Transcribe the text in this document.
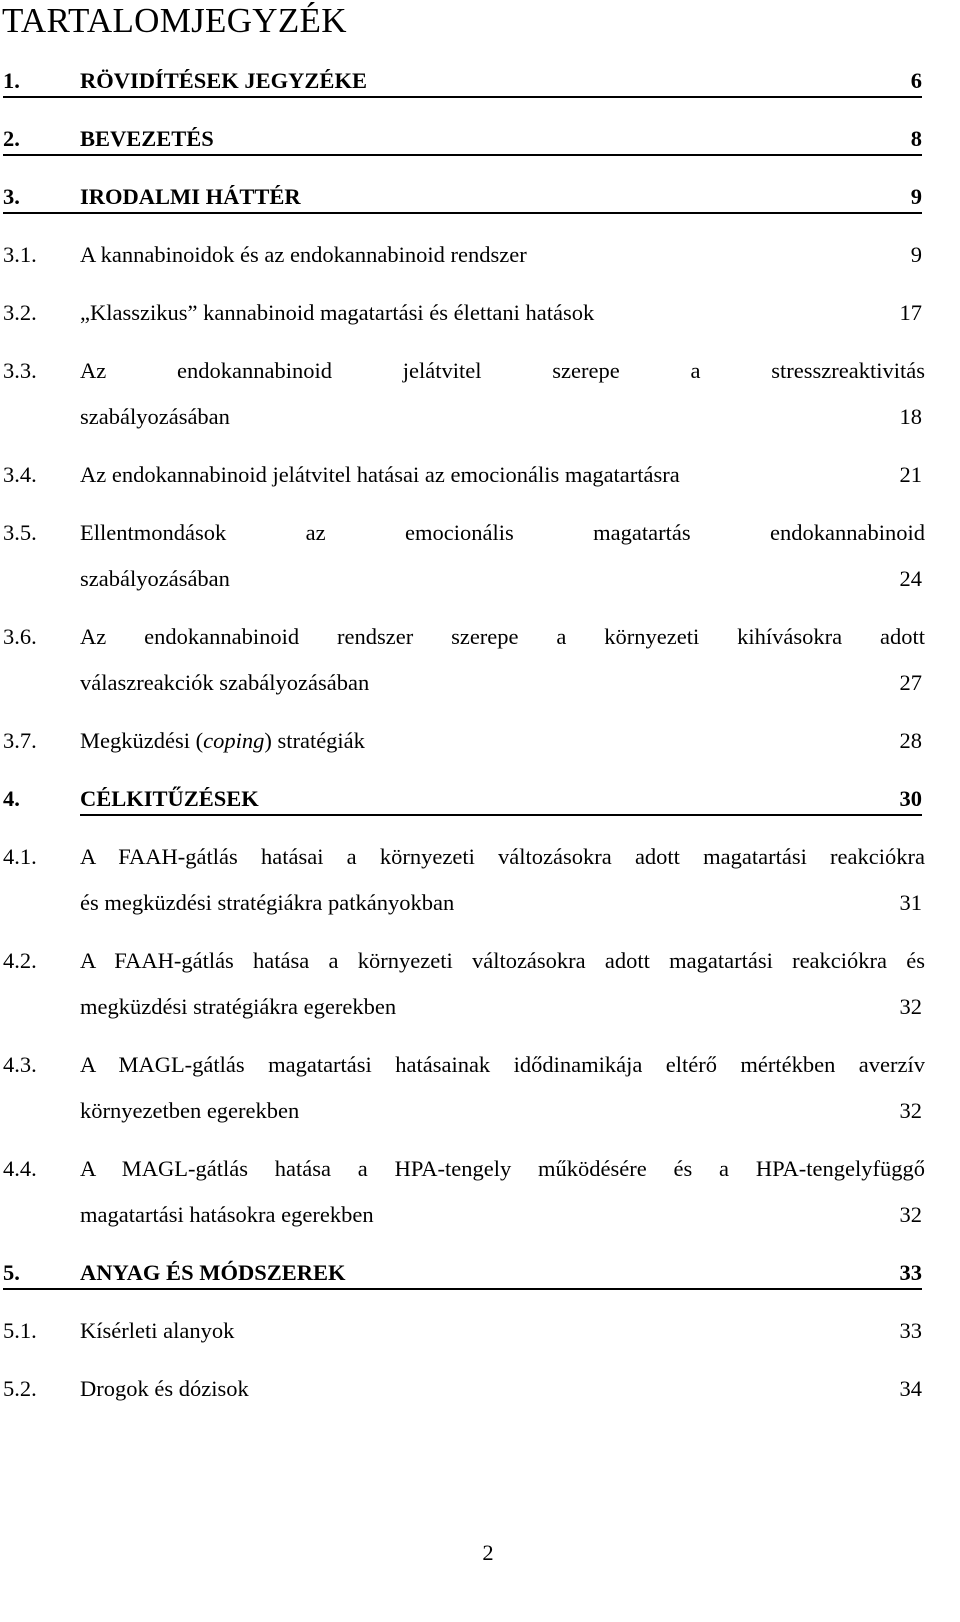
TARTALOMJEGYZÉK
1.	RÖVIDÍTÉSEK JEGYZÉKE	6
2.	BEVEZETÉS	8
3.	IRODALMI HÁTTÉR	9
3.1. A kannabinoidok és az endokannabinoid rendszer	9
3.2. „Klasszikus” kannabinoid magatartási és élettani hatások	17
3.3. Az endokannabinoid jelátvitel szerepe a stresszreaktivitás
szabályozásában	18
3.4. Az endokannabinoid jelátvitel hatásai az emocionális magatartásra	21
3.5. Ellentmondások az emocionális magatartás endokannabinoid
szabályozásában	24
3.6. Az endokannabinoid rendszer szerepe a környezeti kihívásokra adott
válaszreakciók szabályozásában	27
3.7. Megküzdési (coping) stratégiák	28
4.	CÉLKITŰZÉSEK	30
4.1. A FAAH-gátlás hatásai a környezeti változásokra adott magatartási reakciókra
és megküzdési stratégiákra patkányokban	31
4.2. A FAAH-gátlás hatása a környezeti változásokra adott magatartási reakciókra és
megküzdési stratégiákra egerekben	32
4.3. A MAGL-gátlás magatartási hatásainak idődinamikája eltérő mértékben averzív
környezetben egerekben	32
4.4. A MAGL-gátlás hatása a HPA-tengely működésére és a HPA-tengelyfüggő
magatartási hatásokra egerekben	32
5.	ANYAG ÉS MÓDSZEREK	33
5.1. Kísérleti alanyok	33
5.2. Drogok és dózisok	34
2
